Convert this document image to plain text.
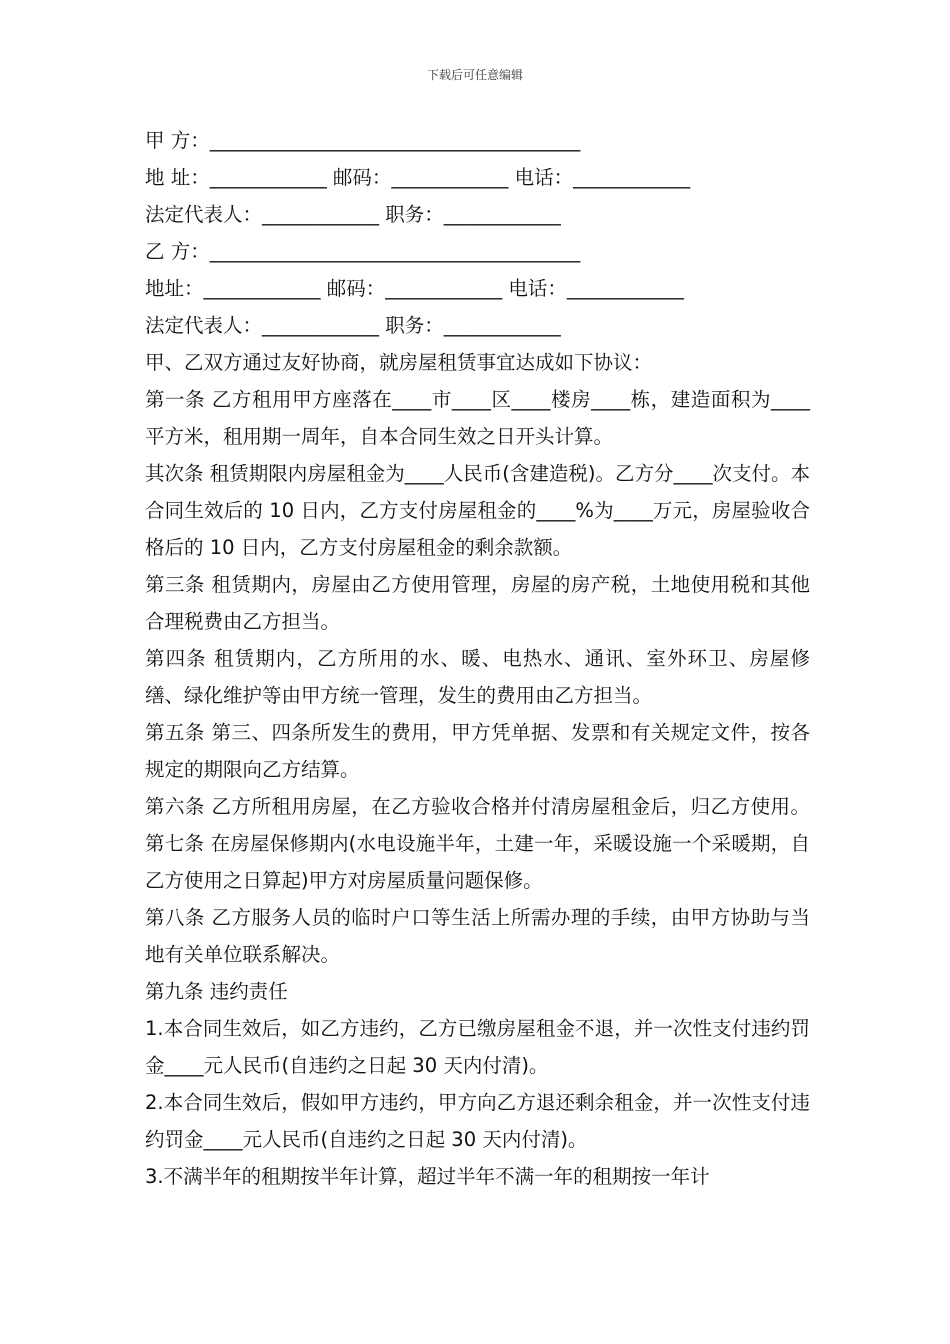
下载后可任意编辑
甲 方：______________________________________
地 址：____________ 邮码：____________ 电话：____________
法定代表人：____________ 职务：____________
乙 方：______________________________________
地址：____________ 邮码：____________ 电话：____________
法定代表人：____________ 职务：____________
甲、乙双方通过友好协商，就房屋租赁事宜达成如下协议：

第一条 乙方租用甲方座落在____市____区____楼房____栋，建造面积为____平方米，租用期一周年，自本合同生效之日开头计算。

其次条 租赁期限内房屋租金为____人民币(含建造税)。乙方分____次支付。本合同生效后的 10 日内，乙方支付房屋租金的____%为____万元，房屋验收合格后的 10 日内，乙方支付房屋租金的剩余款额。

第三条 租赁期内，房屋由乙方使用管理，房屋的房产税，土地使用税和其他合理税费由乙方担当。

第四条 租赁期内，乙方所用的水、暖、电热水、通讯、室外环卫、房屋修缮、绿化维护等由甲方统一管理，发生的费用由乙方担当。

第五条 第三、四条所发生的费用，甲方凭单据、发票和有关规定文件，按各规定的期限向乙方结算。

第六条 乙方所租用房屋，在乙方验收合格并付清房屋租金后，归乙方使用。 第七条 在房屋保修期内(水电设施半年，土建一年，采暖设施一个采暖期，自乙方使用之日算起)甲方对房屋质量问题保修。

第八条 乙方服务人员的临时户口等生活上所需办理的手续，由甲方协助与当地有关单位联系解决。

第九条 违约责任

1.本合同生效后，如乙方违约，乙方已缴房屋租金不退，并一次性支付违约罚金____元人民币(自违约之日起 30 天内付清)。

2.本合同生效后，假如甲方违约，甲方向乙方退还剩余租金，并一次性支付违约罚金____元人民币(自违约之日起 30 天内付清)。

3.不满半年的租期按半年计算，超过半年不满一年的租期按一年计
